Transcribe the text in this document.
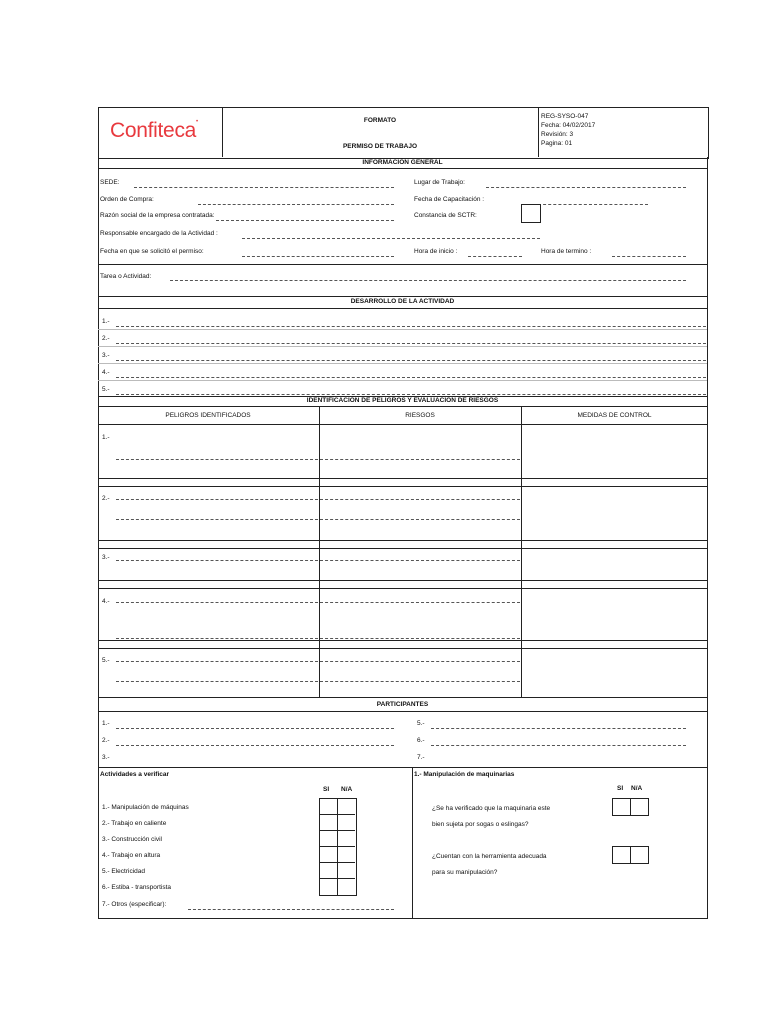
Confiteca•	FORMATO
PERMISO DE TRABAJO
REG-SYSO-047
Fecha: 04/02/2017
Revisión: 3
Pagina: 01
INFORMACIÓN GENERAL
SEDE:	Lugar de Trabajo:
Orden de Compra:	Fecha de Capacitación :
Razón social de la empresa contratada:	Constancia de SCTR:
Responsable encargado de la Actividad :
Fecha en que se solicitó el permiso:	Hora de inicio :	Hora de termino :
Tarea o Actividad:
DESARROLLO DE LA ACTIVIDAD
1.-
2.-
3.-
4.-
5.-
IDENTIFICACIÓN DE PELIGROS Y EVALUACIÓN DE RIESGOS
PELIGROS IDENTIFICADOS	RIESGOS	MEDIDAS DE CONTROL
1.-
2.-
3.-
4.-
5.-
PARTICIPANTES
1.-	5.-
2.-	6.-
3.-	7.-
Actividades a verificar
SI N/A
1.- Manipulación de máquinas
2.- Trabajo en caliente
3.- Construcción civil
4.- Trabajo en altura
5.- Electricidad
6.- Estiba - transportista
7.- Otros (especificar):
1.- Manipulación de maquinarias
SI N/A
¿Se ha verificado que la maquinaria este
bien sujeta por sogas o eslingas?
¿Cuentan con la herramienta adecuada
para su manipulación?
